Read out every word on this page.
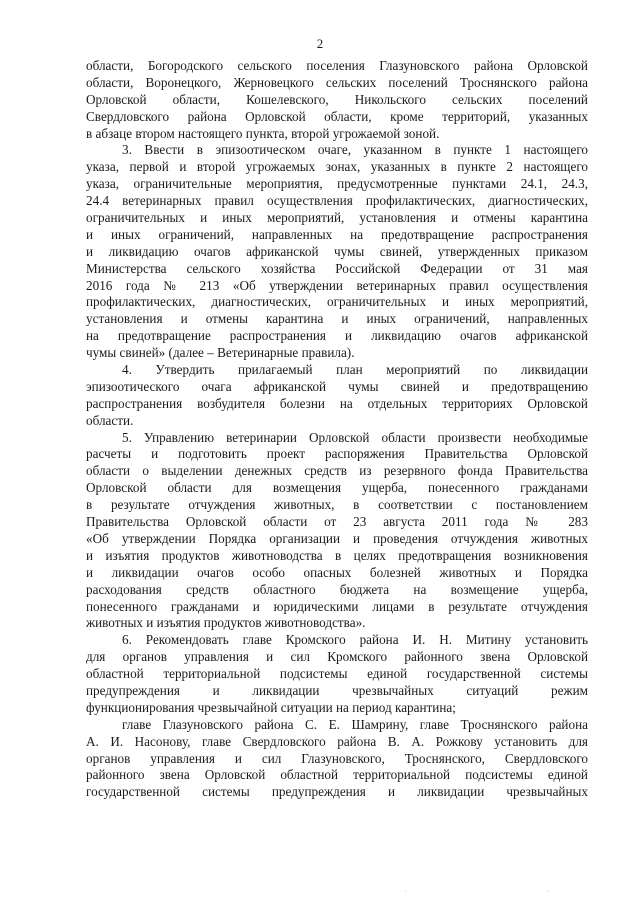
2
области, Богородского сельского поселения Глазуновского района Орловской
области, Воронецкого, Жерновецкого сельских поселений Троснянского района
Орловской области, Кошелевского, Никольского сельских поселений
Свердловского района Орловской области, кроме территорий, указанных
в абзаце втором настоящего пункта, второй угрожаемой зоной.
3. Ввести в эпизоотическом очаге, указанном в пункте 1 настоящего
указа, первой и второй угрожаемых зонах, указанных в пункте 2 настоящего
указа, ограничительные мероприятия, предусмотренные пунктами 24.1, 24.3,
24.4 ветеринарных правил осуществления профилактических, диагностических,
ограничительных и иных мероприятий, установления и отмены карантина
и иных ограничений, направленных на предотвращение распространения
и ликвидацию очагов африканской чумы свиней, утвержденных приказом
Министерства сельского хозяйства Российской Федерации от 31 мая
2016 года № 213 «Об утверждении ветеринарных правил осуществления
профилактических, диагностических, ограничительных и иных мероприятий,
установления и отмены карантина и иных ограничений, направленных
на предотвращение распространения и ликвидацию очагов африканской
чумы свиней» (далее – Ветеринарные правила).
4. Утвердить прилагаемый план мероприятий по ликвидации
эпизоотического очага африканской чумы свиней и предотвращению
распространения возбудителя болезни на отдельных территориях Орловской
области.
5. Управлению ветеринарии Орловской области произвести необходимые
расчеты и подготовить проект распоряжения Правительства Орловской
области о выделении денежных средств из резервного фонда Правительства
Орловской области для возмещения ущерба, понесенного гражданами
в результате отчуждения животных, в соответствии с постановлением
Правительства Орловской области от 23 августа 2011 года № 283
«Об утверждении Порядка организации и проведения отчуждения животных
и изъятия продуктов животноводства в целях предотвращения возникновения
и ликвидации очагов особо опасных болезней животных и Порядка
расходования средств областного бюджета на возмещение ущерба,
понесенного гражданами и юридическими лицами в результате отчуждения
животных и изъятия продуктов животноводства».
6. Рекомендовать главе Кромского района И. Н. Митину установить
для органов управления и сил Кромского районного звена Орловской
областной территориальной подсистемы единой государственной системы
предупреждения и ликвидации чрезвычайных ситуаций режим
функционирования чрезвычайной ситуации на период карантина;
главе Глазуновского района С. Е. Шамрину, главе Троснянского района
А. И. Насонову, главе Свердловского района В. А. Рожкову установить для
органов управления и сил Глазуновского, Троснянского, Свердловского
районного звена Орловской областной территориальной подсистемы единой
государственной системы предупреждения и ликвидации чрезвычайных
·	·
